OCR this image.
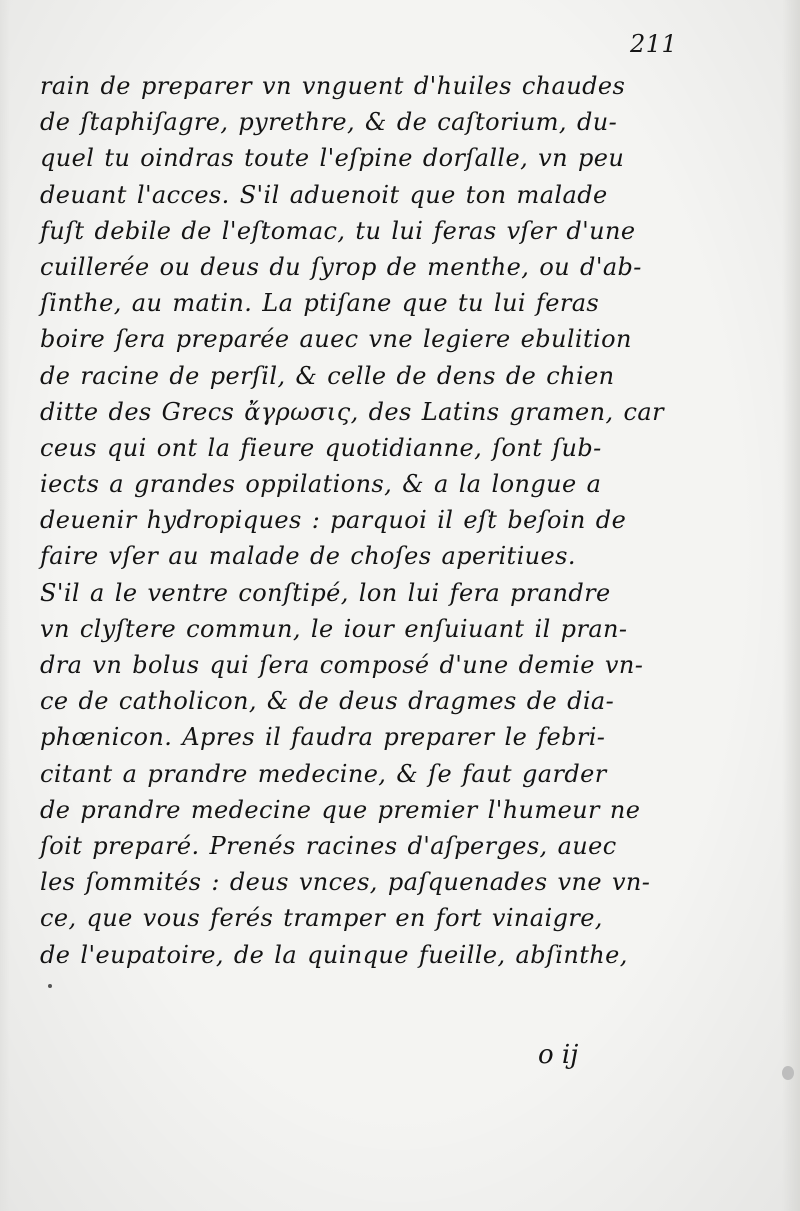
211
rain de preparer vn vnguent d'huiles chaudes
de ſtaphiſagre, pyrethre, & de caſtorium, du-
quel tu oindras toute l'eſpine dorſalle, vn peu
deuant l'acces. S'il aduenoit que ton malade
fuſt debile de l'eſtomac, tu lui feras vſer d'une
cuillerée ou deus du ſyrop de menthe, ou d'ab-
ſinthe, au matin. La ptiſane que tu lui feras
boire ſera preparée auec vne legiere ebulition
de racine de perſil, & celle de dens de chien
ditte des Grecs ἄγρωσις, des Latins gramen, car
ceus qui ont la fieure quotidianne, ſont ſub-
iects a grandes oppilations, & a la longue a
deuenir hydropiques : parquoi il eſt beſoin de
faire vſer au malade de choſes aperitiues.
S'il a le ventre conſtipé, lon lui fera prandre
vn clyſtere commun, le iour enſuiuant il pran-
dra vn bolus qui ſera composé d'une demie vn-
ce de catholicon, & de deus dragmes de dia-
phœnicon. Apres il faudra preparer le febri-
citant a prandre medecine, & ſe faut garder
de prandre medecine que premier l'humeur ne
ſoit preparé. Prenés racines d'aſperges, auec
les ſommités : deus vnces, paſquenades vne vn-
ce, que vous ferés tramper en fort vinaigre,
de l'eupatoire, de la quinque fueille, abſinthe,
o ij
